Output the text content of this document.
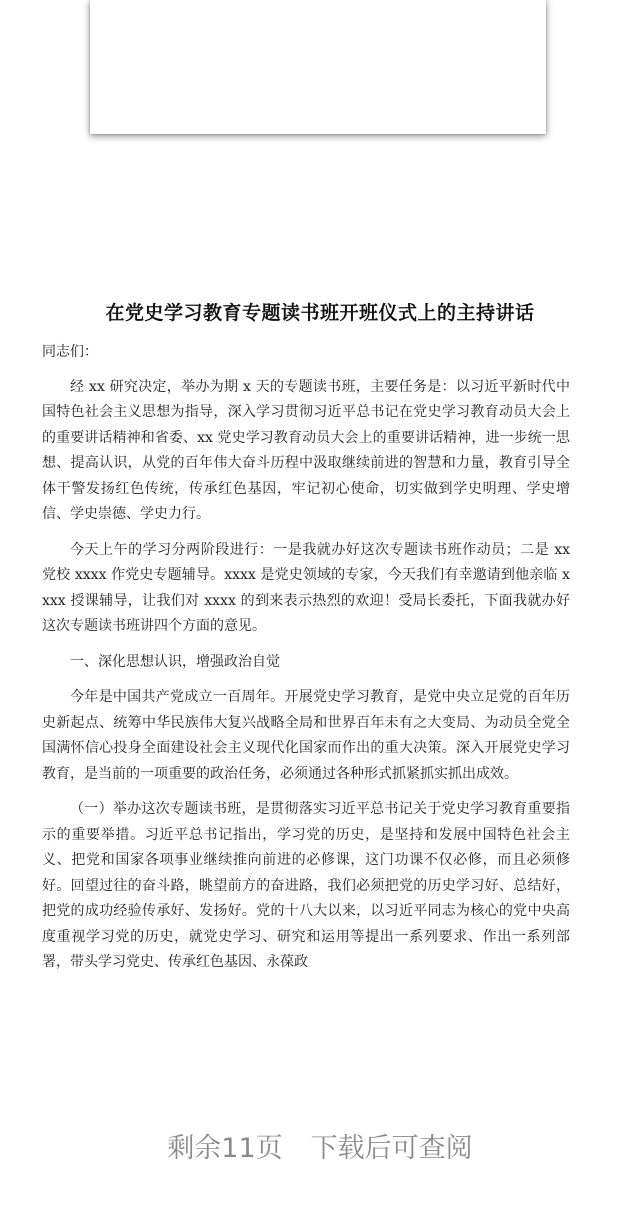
在党史学习教育专题读书班开班仪式上的主持讲话

同志们：

经 xx 研究决定，举办为期 x 天的专题读书班，主要任务是：以习近平新时代中国特色社会主义思想为指导，深入学习贯彻习近平总书记在党史学习教育动员大会上的重要讲话精神和省委、xx 党史学习教育动员大会上的重要讲话精神，进一步统一思想、提高认识，从党的百年伟大奋斗历程中汲取继续前进的智慧和力量，教育引导全体干警发扬红色传统，传承红色基因，牢记初心使命，切实做到学史明理、学史增信、学史崇德、学史力行。

今天上午的学习分两阶段进行：一是我就办好这次专题读书班作动员；二是 xx 党校 xxxx 作党史专题辅导。xxxx 是党史领域的专家，今天我们有幸邀请到他亲临 xxxx 授课辅导，让我们对 xxxx 的到来表示热烈的欢迎！受局长委托，下面我就办好这次专题读书班讲四个方面的意见。

一、深化思想认识，增强政治自觉

今年是中国共产党成立一百周年。开展党史学习教育，是党中央立足党的百年历史新起点、统筹中华民族伟大复兴战略全局和世界百年未有之大变局、为动员全党全国满怀信心投身全面建设社会主义现代化国家而作出的重大决策。深入开展党史学习教育，是当前的一项重要的政治任务，必须通过各种形式抓紧抓实抓出成效。

（一）举办这次专题读书班，是贯彻落实习近平总书记关于党史学习教育重要指示的重要举措。习近平总书记指出，学习党的历史，是坚持和发展中国特色社会主义、把党和国家各项事业继续推向前进的必修课，这门功课不仅必修，而且必须修好。回望过往的奋斗路，眺望前方的奋进路，我们必须把党的历史学习好、总结好，把党的成功经验传承好、发扬好。党的十八大以来，以习近平同志为核心的党中央高度重视学习党的历史，就党史学习、研究和运用等提出一系列要求、作出一系列部署，带头学习党史、传承红色基因、永葆政

剩余11页 下载后可查阅
